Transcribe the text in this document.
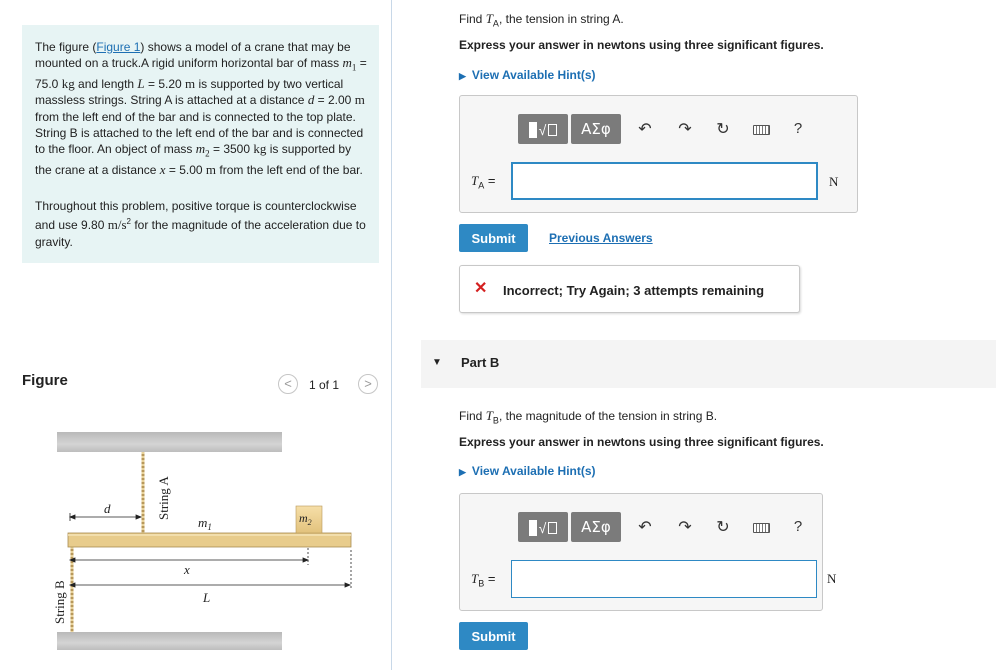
The figure (Figure 1) shows a model of a crane that may be mounted on a truck.A rigid uniform horizontal bar of mass $m_1 = 75.0$ kg and length L = 5.20 m is supported by two vertical massless strings. String A is attached at a distance d = 2.00 m from the left end of the bar and is connected to the top plate. String B is attached to the left end of the bar and is connected to the floor. An object of mass $m_2 = 3500$ kg is supported by the crane at a distance x = 5.00 m from the left end of the bar.

Throughout this problem, positive torque is counterclockwise and use 9.80 $m/s^2$ for the magnitude of the acceleration due to gravity.

Figure	<	1 of 1	>
d	String A
$m_1$
$m_2$
x
L
String B
Find $T_A$, the tension in string A.
Express your answer in newtons using three significant figures.
▶ View Available Hint(s)
√	ΑΣφ	↶ ↷ ↻	?
$T_A$ =	N
Submit	Previous Answers
✕ Incorrect; Try Again; 3 attempts remaining
▼ Part B
Find $T_B$, the magnitude of the tension in string B.
Express your answer in newtons using three significant figures.
▶ View Available Hint(s)
√	ΑΣφ	↶ ↷ ↻	?
$T_B$ =	N
Submit
